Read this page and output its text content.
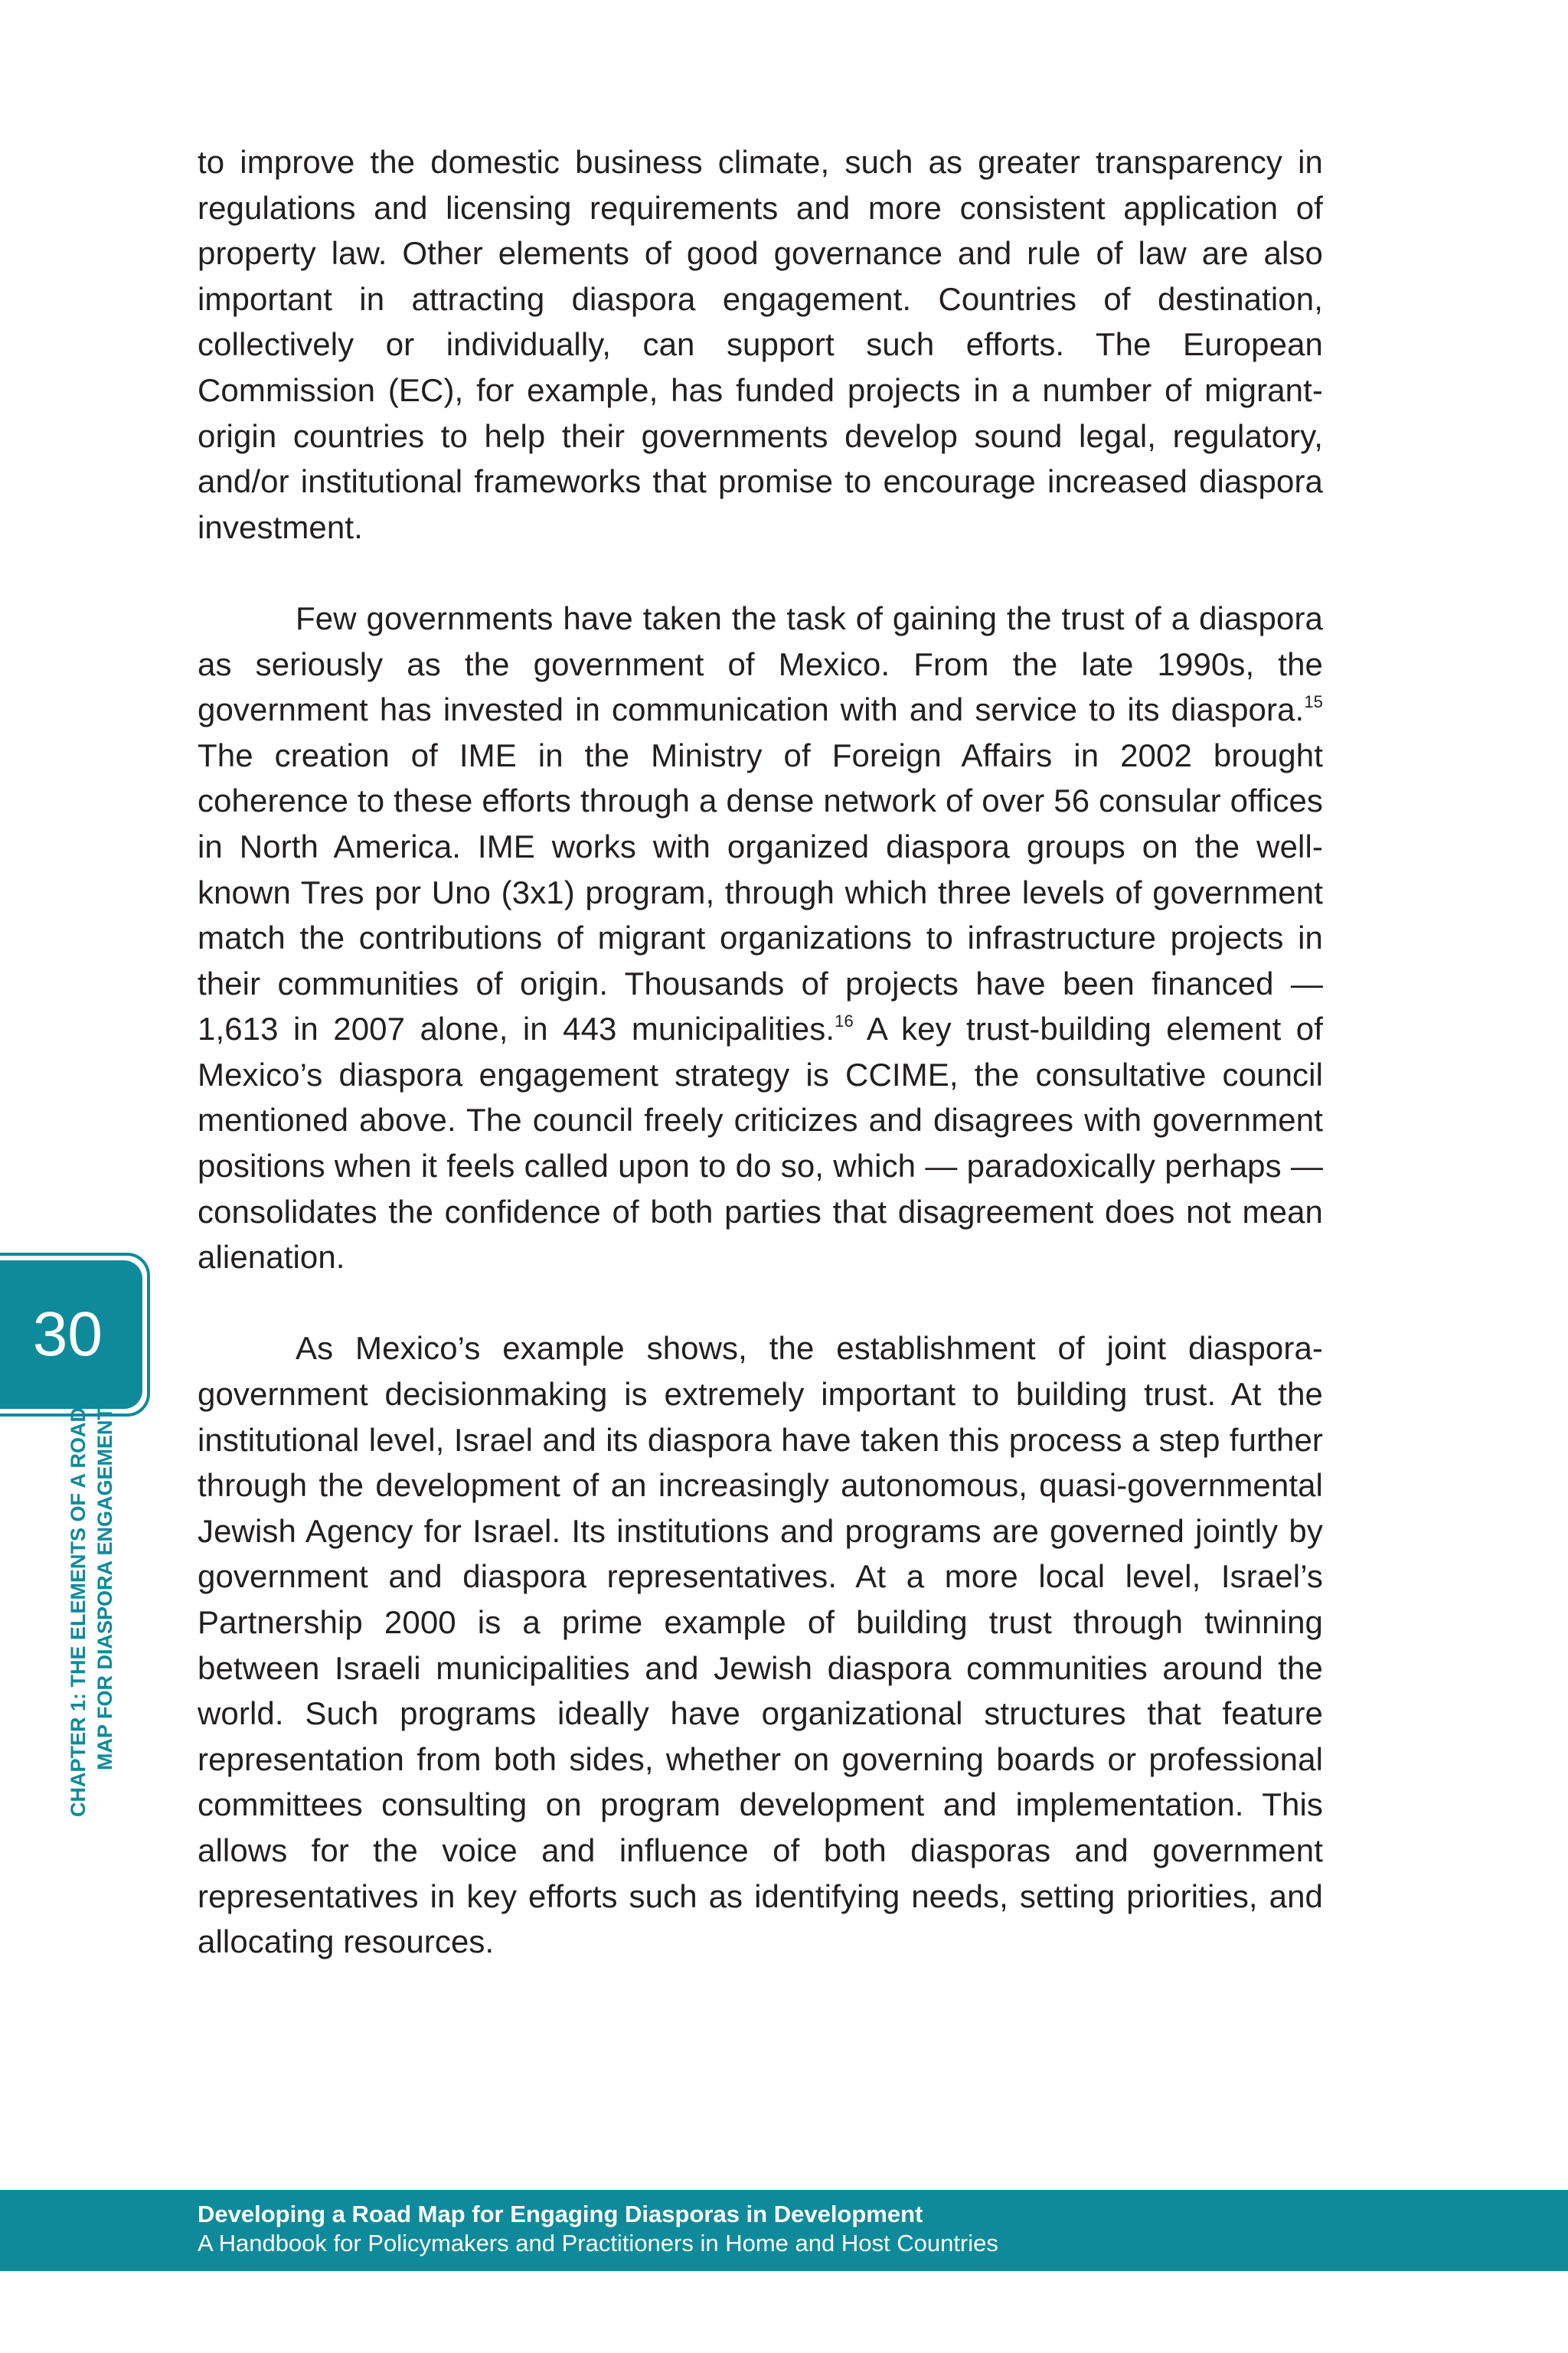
to improve the domestic business climate, such as greater transparency in regulations and licensing requirements and more consistent application of property law. Other elements of good governance and rule of law are also important in attracting diaspora engagement. Countries of destination, collectively or individually, can support such efforts. The European Commission (EC), for example, has funded projects in a number of migrant-origin countries to help their governments develop sound legal, regulatory, and/or institutional frameworks that promise to encourage increased diaspora investment.

Few governments have taken the task of gaining the trust of a diaspora as seriously as the government of Mexico. From the late 1990s, the government has invested in communication with and service to its diaspora.$^{15}$ The creation of IME in the Ministry of Foreign Affairs in 2002 brought coherence to these efforts through a dense network of over 56 consular offices in North America. IME works with organized diaspora groups on the well-known Tres por Uno (3x1) program, through which three levels of government match the contributions of migrant organizations to infrastructure projects in their communities of origin. Thousands of projects have been financed — 1,613 in 2007 alone, in 443 municipalities.$^{16}$ A key trust-building element of Mexico’s diaspora engagement strategy is CCIME, the consultative council mentioned above. The council freely criticizes and disagrees with government positions when it feels called upon to do so, which — paradoxically perhaps — consolidates the confidence of both parties that disagreement does not mean alienation.

As Mexico’s example shows, the establishment of joint diaspora-government decisionmaking is extremely important to building trust. At the institutional level, Israel and its diaspora have taken this process a step further through the development of an increasingly autonomous, quasi-governmental Jewish Agency for Israel. Its institutions and programs are governed jointly by government and diaspora representatives. At a more local level, Israel’s Partnership 2000 is a prime example of building trust through twinning between Israeli municipalities and Jewish diaspora communities around the world. Such programs ideally have organizational structures that feature representation from both sides, whether on governing boards or professional committees consulting on program development and implementation. This allows for the voice and influence of both diasporas and government representatives in key efforts such as identifying needs, setting priorities, and allocating resources.

30
CHAPTER 1: THE ELEMENTS OF A ROAD MAP FOR DIASPORA ENGAGEMENT
Developing a Road Map for Engaging Diasporas in Development
A Handbook for Policymakers and Practitioners in Home and Host Countries
